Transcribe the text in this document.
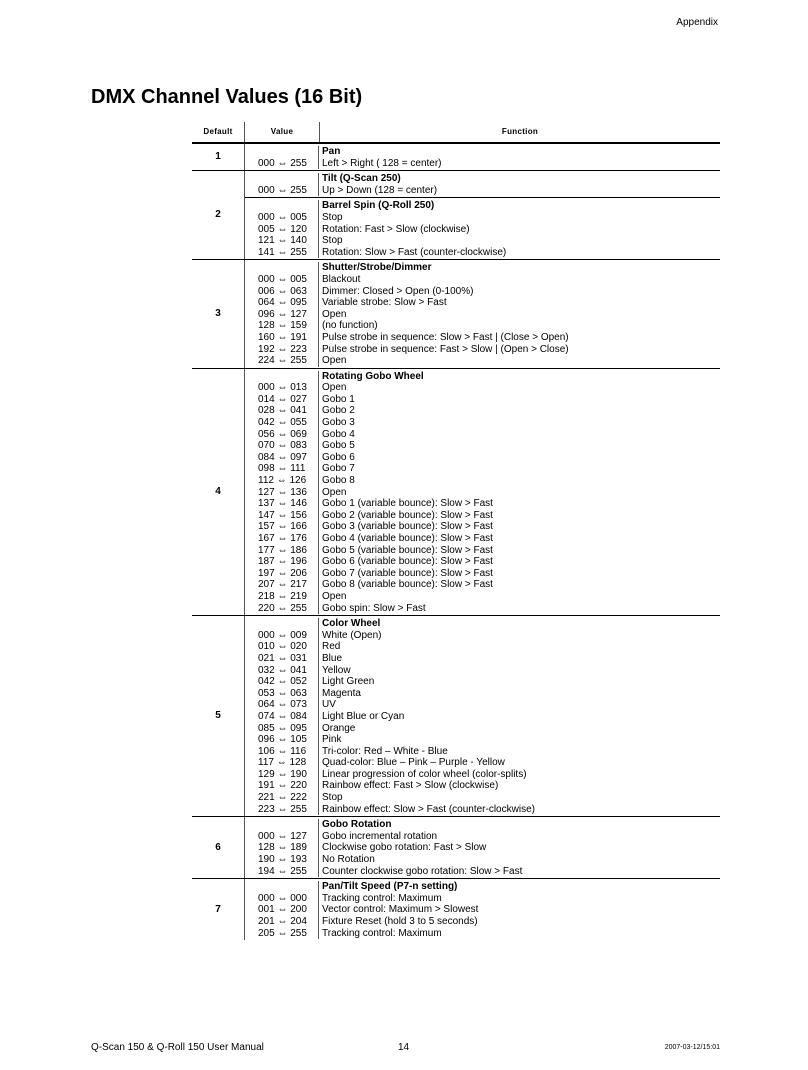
Appendix
DMX Channel Values (16 Bit)
Default	Value	Function
1
	Pan
000 ⇔ 255	Left > Right ( 128 = center)
2

Tilt (Q-Scan 250)
000 ⇔ 255	Up > Down (128 = center)

Barrel Spin (Q-Roll 250)
000 ⇔ 005	Stop
005 ⇔ 120	Rotation: Fast > Slow (clockwise)
121 ⇔ 140	Stop
141 ⇔ 255	Rotation: Slow > Fast (counter-clockwise)
3

Shutter/Strobe/Dimmer
000 ⇔ 005	Blackout
006 ⇔ 063	Dimmer: Closed > Open (0-100%)
064 ⇔ 095	Variable strobe: Slow > Fast
096 ⇔ 127	Open
128 ⇔ 159	(no function)
160 ⇔ 191	Pulse strobe in sequence: Slow > Fast | (Close > Open)
192 ⇔ 223	Pulse strobe in sequence: Fast > Slow | (Open > Close)
224 ⇔ 255	Open
4

Rotating Gobo Wheel
000 ⇔ 013	Open
014 ⇔ 027	Gobo 1
028 ⇔ 041	Gobo 2
042 ⇔ 055	Gobo 3
056 ⇔ 069	Gobo 4
070 ⇔ 083	Gobo 5
084 ⇔ 097	Gobo 6
098 ⇔ 111	Gobo 7
112 ⇔ 126	Gobo 8
127 ⇔ 136	Open
137 ⇔ 146	Gobo 1 (variable bounce): Slow > Fast
147 ⇔ 156	Gobo 2 (variable bounce): Slow > Fast
157 ⇔ 166	Gobo 3 (variable bounce): Slow > Fast
167 ⇔ 176	Gobo 4 (variable bounce): Slow > Fast
177 ⇔ 186	Gobo 5 (variable bounce): Slow > Fast
187 ⇔ 196	Gobo 6 (variable bounce): Slow > Fast
197 ⇔ 206	Gobo 7 (variable bounce): Slow > Fast
207 ⇔ 217	Gobo 8 (variable bounce): Slow > Fast
218 ⇔ 219	Open
220 ⇔ 255	Gobo spin: Slow > Fast
5

Color Wheel
000 ⇔ 009	White (Open)
010 ⇔ 020	Red
021 ⇔ 031	Blue
032 ⇔ 041	Yellow
042 ⇔ 052	Light Green
053 ⇔ 063	Magenta
064 ⇔ 073	UV
074 ⇔ 084	Light Blue or Cyan
085 ⇔ 095	Orange
096 ⇔ 105	Pink
106 ⇔ 116	Tri-color: Red – White - Blue
117 ⇔ 128	Quad-color: Blue – Pink – Purple - Yellow
129 ⇔ 190	Linear progression of color wheel (color-splits)
191 ⇔ 220	Rainbow effect: Fast > Slow (clockwise)
221 ⇔ 222	Stop
223 ⇔ 255	Rainbow effect: Slow > Fast (counter-clockwise)
6

Gobo Rotation
000 ⇔ 127	Gobo incremental rotation
128 ⇔ 189	Clockwise gobo rotation: Fast > Slow
190 ⇔ 193	No Rotation
194 ⇔ 255	Counter clockwise gobo rotation: Slow > Fast
7

Pan/Tilt Speed (P7-n setting)
000 ⇔ 000	Tracking control: Maximum
001 ⇔ 200	Vector control: Maximum > Slowest
201 ⇔ 204	Fixture Reset (hold 3 to 5 seconds)
205 ⇔ 255	Tracking control: Maximum
Q-Scan 150 & Q-Roll 150 User Manual	14	2007-03-12/15:01
